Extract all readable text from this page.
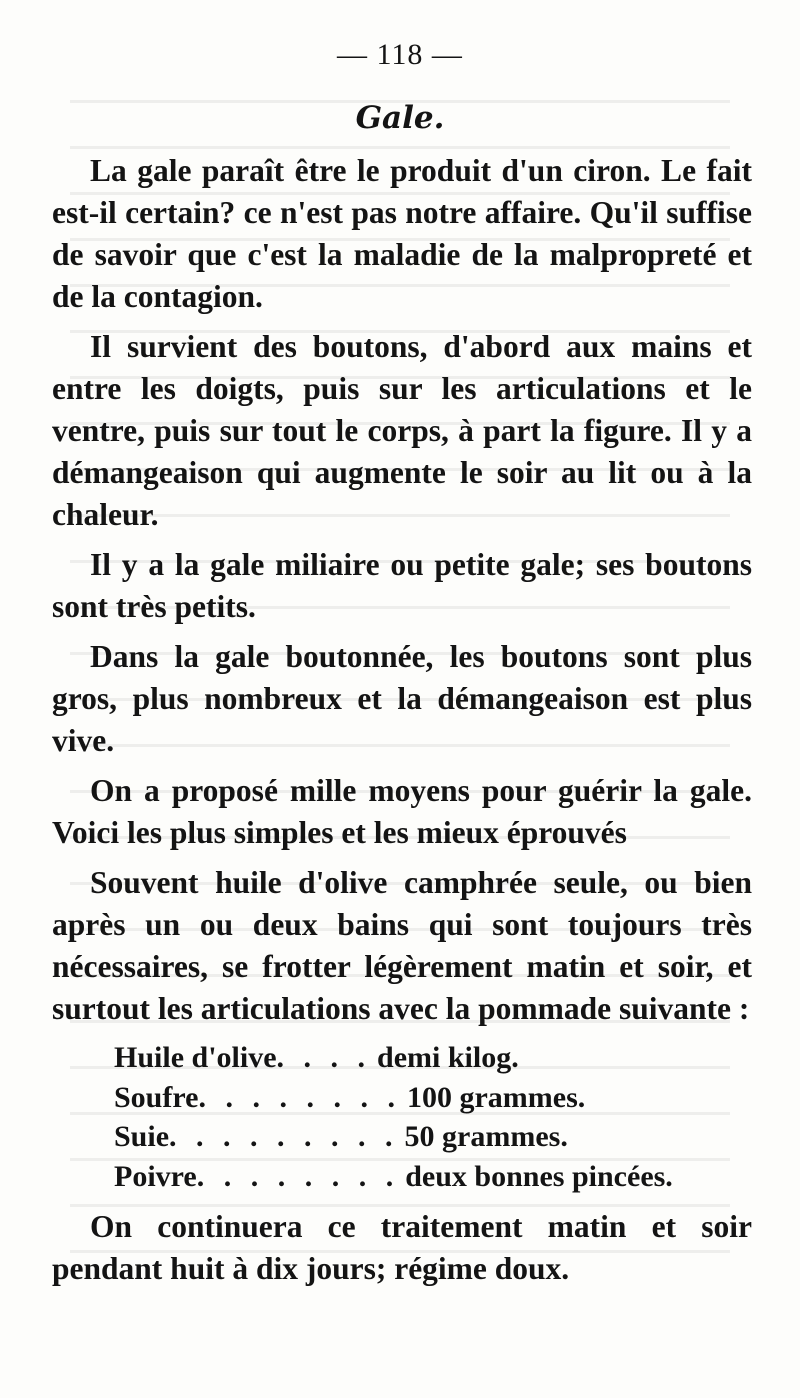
— 118 —
Gale.

La gale paraît être le produit d'un ciron. Le fait est-il certain? ce n'est pas notre affaire. Qu'il suffise de savoir que c'est la maladie de la malpropreté et de la contagion.

Il survient des boutons, d'abord aux mains et entre les doigts, puis sur les articulations et le ventre, puis sur tout le corps, à part la figure. Il y a démangeaison qui augmente le soir au lit ou à la chaleur.

Il y a la gale miliaire ou petite gale; ses boutons sont très petits.

Dans la gale boutonnée, les boutons sont plus gros, plus nombreux et la démangeaison est plus vive.

On a proposé mille moyens pour guérir la gale. Voici les plus simples et les mieux éprouvés

Souvent huile d'olive camphrée seule, ou bien après un ou deux bains qui sont toujours très nécessaires, se frotter légèrement matin et soir, et surtout les articulations avec la pommade suivante :

Huile d'olive . . . . demi kilog.
Soufre . . . . . . . . 100 grammes.
Suie . . . . . . . . . 50 grammes.
Poivre . . . . . . . . deux bonnes pincées.

On continuera ce traitement matin et soir pendant huit à dix jours; régime doux.
